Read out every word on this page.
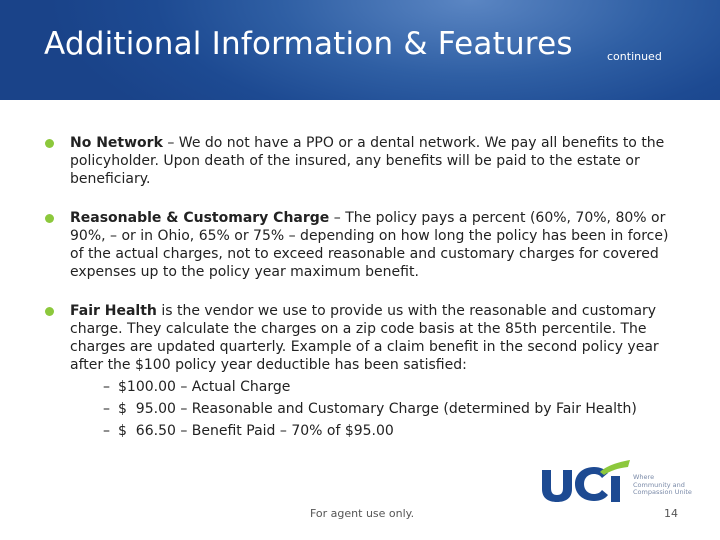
Additional Information & Features	continued
No Network – We do not have a PPO or a dental network. We pay all benefits to the policyholder. Upon death of the insured, any benefits will be paid to the estate or beneficiary.
Reasonable & Customary Charge – The policy pays a percent (60%, 70%, 80% or 90%, – or in Ohio, 65% or 75% – depending on how long the policy has been in force) of the actual charges, not to exceed reasonable and customary charges for covered expenses up to the policy year maximum benefit.
Fair Health is the vendor we use to provide us with the reasonable and customary charge. They calculate the charges on a zip code basis at the 85th percentile. The charges are updated quarterly. Example of a claim benefit in the second policy year after the $100 policy year deductible has been satisfied:
– $100.00 – Actual Charge
– $  95.00 – Reasonable and Customary Charge (determined by Fair Health)
– $  66.50 – Benefit Paid – 70% of $95.00
Where Community and Compassion Unite
For agent use only.	14
